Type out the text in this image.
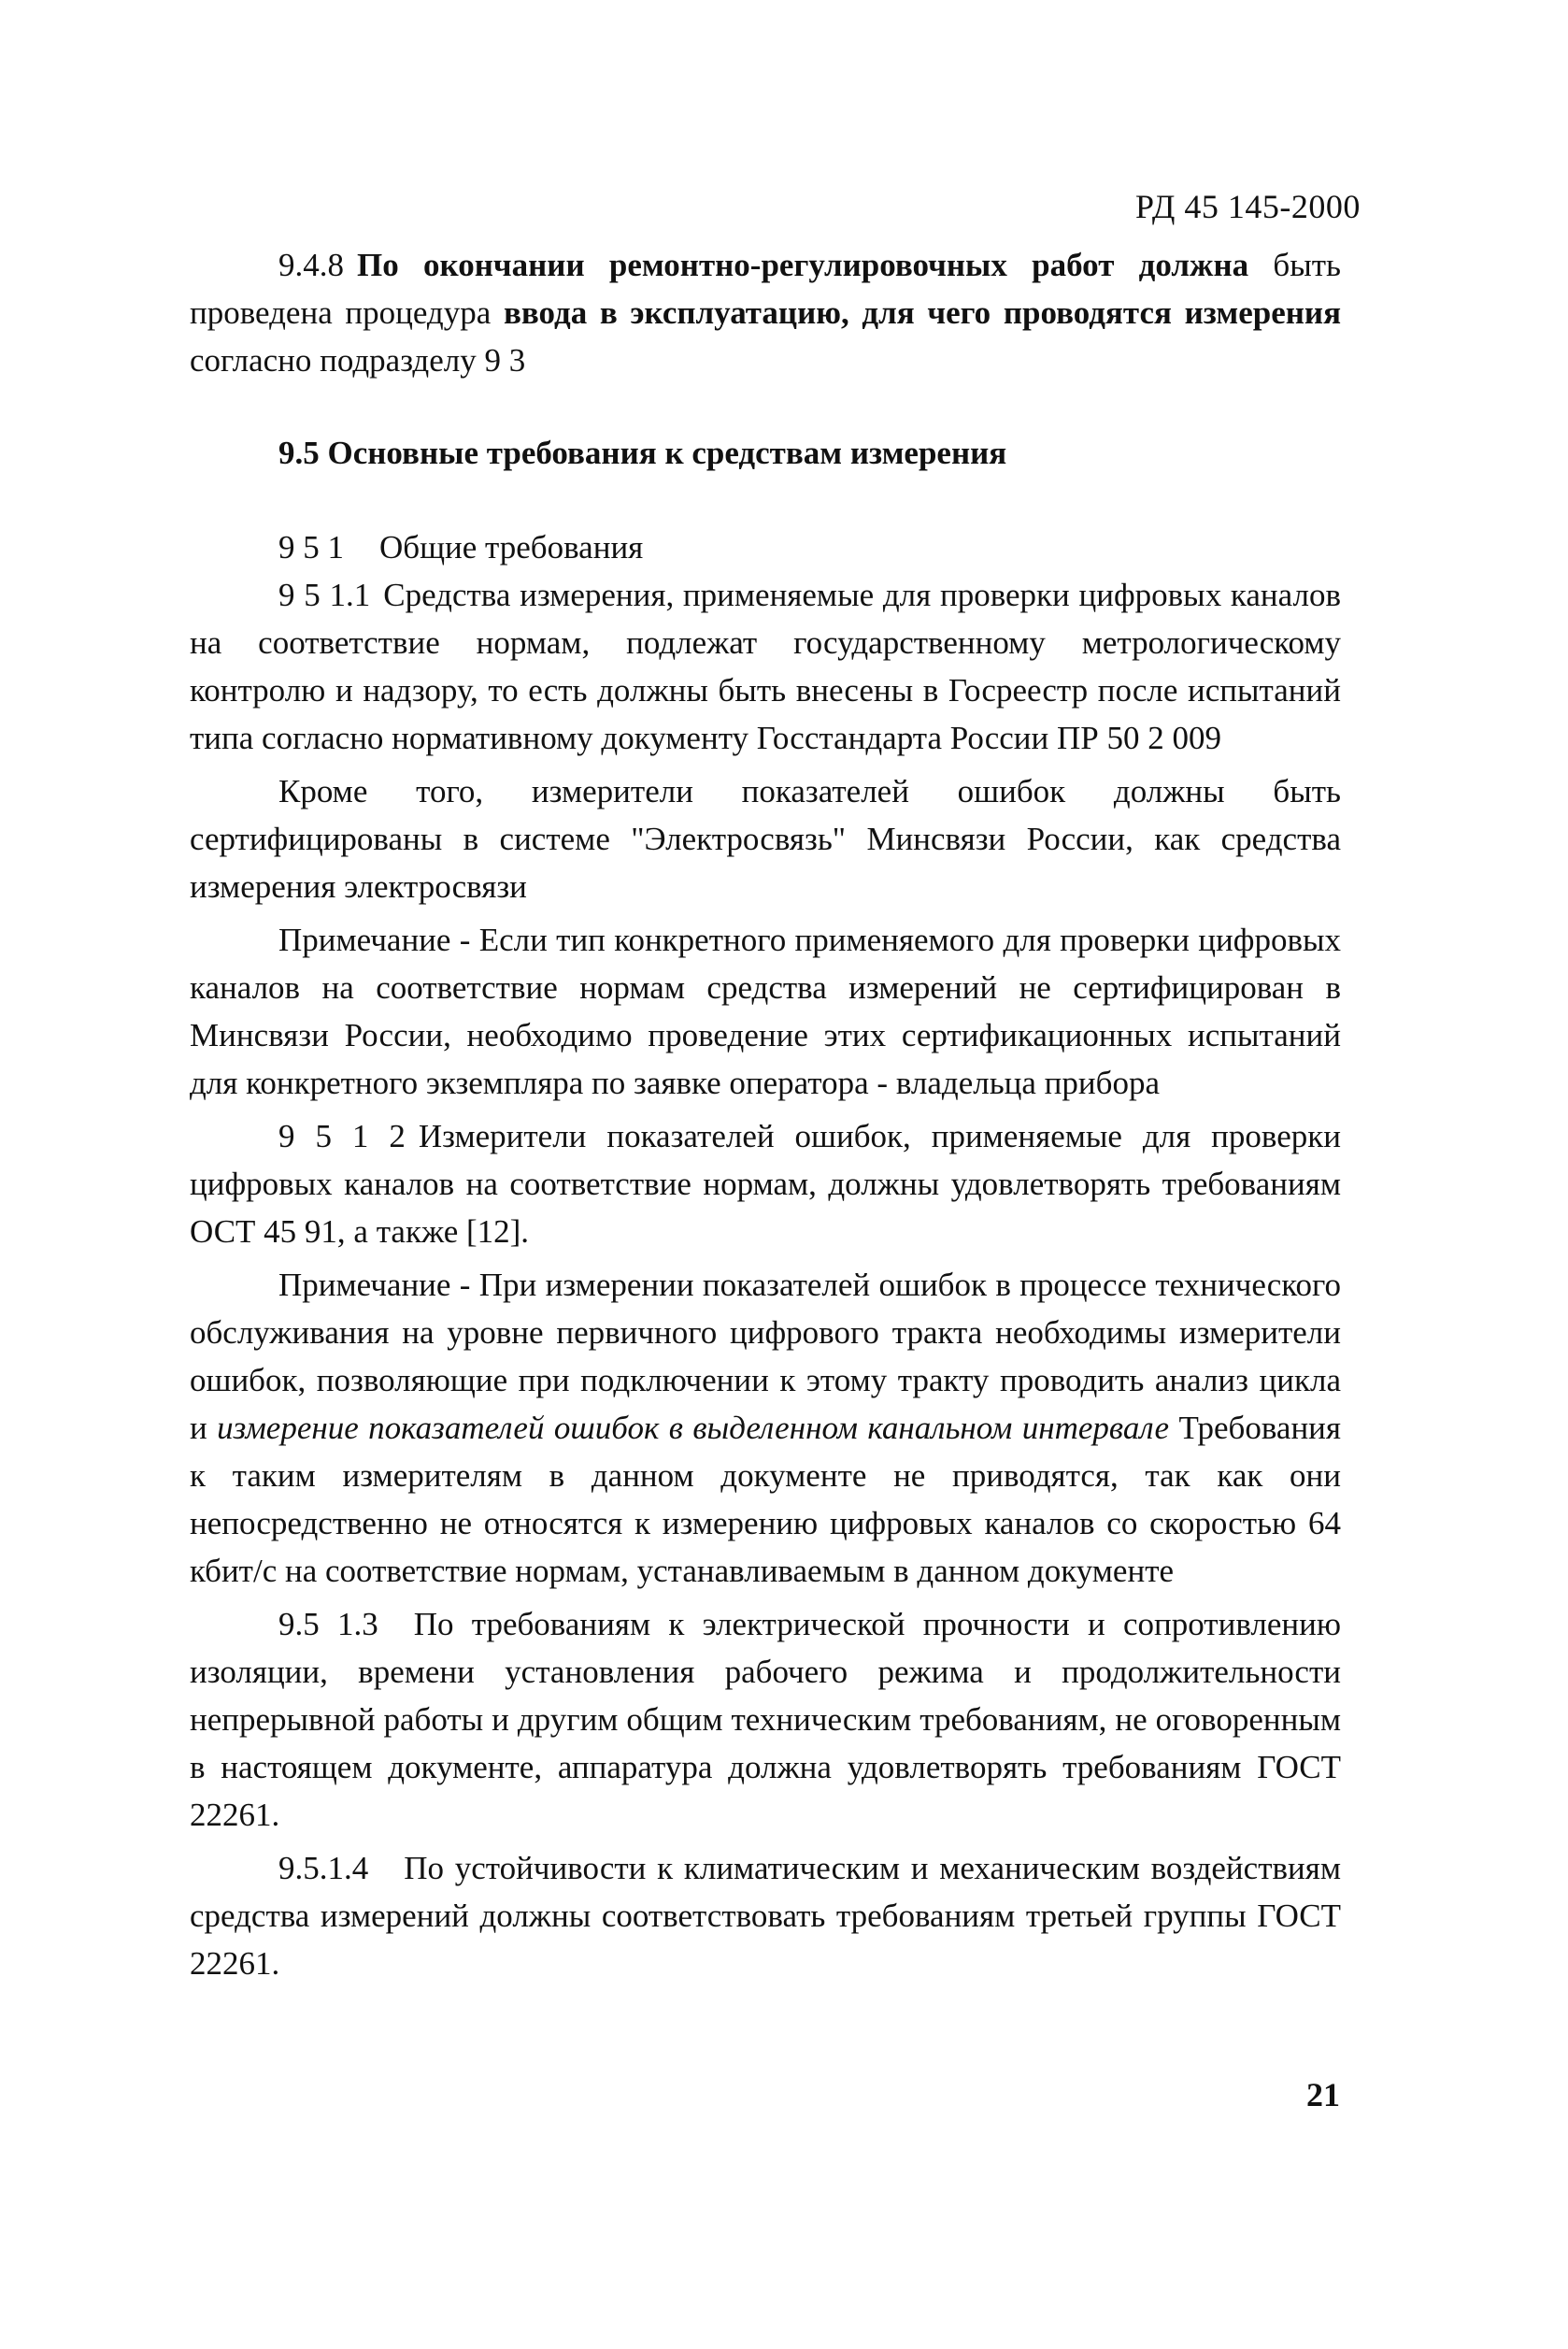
РД 45 145-2000

9.4.8 По окончании ремонтно-регулировочных работ должна быть проведена процедура ввода в эксплуатацию, для чего проводятся измерения согласно подразделу 9 3

9.5 Основные требования к средствам измерения

9 5 1 Общие требования

9 5 1.1 Средства измерения, применяемые для проверки цифровых каналов на соответствие нормам, подлежат государственному метрологическому контролю и надзору, то есть должны быть внесены в Госреестр после испытаний типа согласно нормативному документу Госстандарта России ПР 50 2 009

Кроме того, измерители показателей ошибок должны быть сертифицированы в системе "Электросвязь" Минсвязи России, как средства измерения электросвязи

Примечание - Если тип конкретного применяемого для проверки цифровых каналов на соответствие нормам средства измерений не сертифицирован в Минсвязи России, необходимо проведение этих сертификационных испытаний для конкретного экземпляра по заявке оператора - владельца прибора

9 5 1 2 Измерители показателей ошибок, применяемые для проверки цифровых каналов на соответствие нормам, должны удовлетворять требованиям ОСТ 45 91, а также [12].

Примечание - При измерении показателей ошибок в процессе технического обслуживания на уровне первичного цифрового тракта необходимы измерители ошибок, позволяющие при подключении к этому тракту проводить анализ цикла и измерение показателей ошибок в выделенном канальном интервале Требования к таким измерителям в данном документе не приводятся, так как они непосредственно не относятся к измерению цифровых каналов со скоростью 64 кбит/с на соответствие нормам, устанавливаемым в данном документе

9.5 1.3 По требованиям к электрической прочности и сопротивлению изоляции, времени установления рабочего режима и продолжительности непрерывной работы и другим общим техническим требованиям, не оговоренным в настоящем документе, аппаратура должна удовлетворять требованиям ГОСТ 22261.

9.5.1.4 По устойчивости к климатическим и механическим воздействиям средства измерений должны соответствовать требованиям третьей группы ГОСТ 22261.

21
